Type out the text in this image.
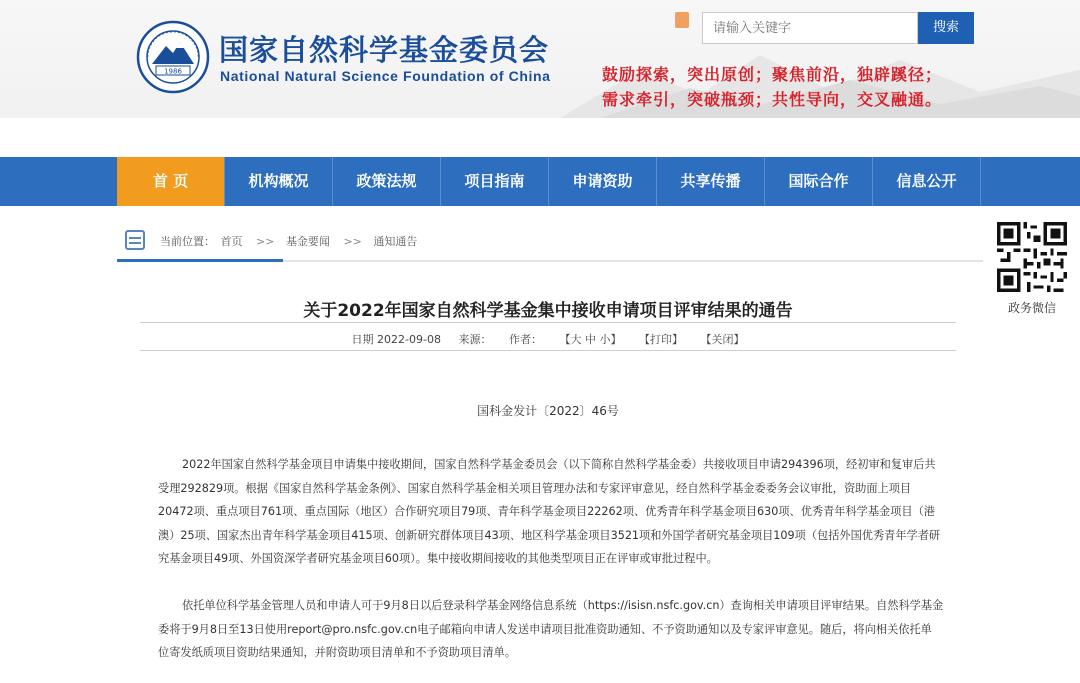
1986
国家自然科学基金委员会
National Natural Science Foundation of China
请输入关键字
搜索
鼓励探索，突出原创；聚焦前沿，独辟蹊径；
需求牵引，突破瓶颈；共性导向，交叉融通。
首 页	机构概况	政策法规	项目指南	申请资助	共享传播	国际合作	信息公开
当前位置： 首页 >> 基金要闻 >> 通知通告
政务微信
关于2022年国家自然科学基金集中接收申请项目评审结果的通告
日期 2022-09-08 来源： 作者： 【大 中 小】 【打印】 【关闭】
国科金发计〔2022〕46号
2022年国家自然科学基金项目申请集中接收期间，国家自然科学基金委员会（以下简称自然科学基金委）共接收项目申请294396项，经初审和复审后共
受理292829项。根据《国家自然科学基金条例》、国家自然科学基金相关项目管理办法和专家评审意见，经自然科学基金委委务会议审批，资助面上项目
20472项、重点项目761项、重点国际（地区）合作研究项目79项、青年科学基金项目22262项、优秀青年科学基金项目630项、优秀青年科学基金项目（港
澳）25项、国家杰出青年科学基金项目415项、创新研究群体项目43项、地区科学基金项目3521项和外国学者研究基金项目109项（包括外国优秀青年学者研
究基金项目49项、外国资深学者研究基金项目60项）。集中接收期间接收的其他类型项目正在评审或审批过程中。
依托单位科学基金管理人员和申请人可于9月8日以后登录科学基金网络信息系统（https://isisn.nsfc.gov.cn）查询相关申请项目评审结果。自然科学基金
委将于9月8日至13日使用report@pro.nsfc.gov.cn电子邮箱向申请人发送申请项目批准资助通知、不予资助通知以及专家评审意见。随后，将向相关依托单
位寄发纸质项目资助结果通知，并附资助项目清单和不予资助项目清单。
